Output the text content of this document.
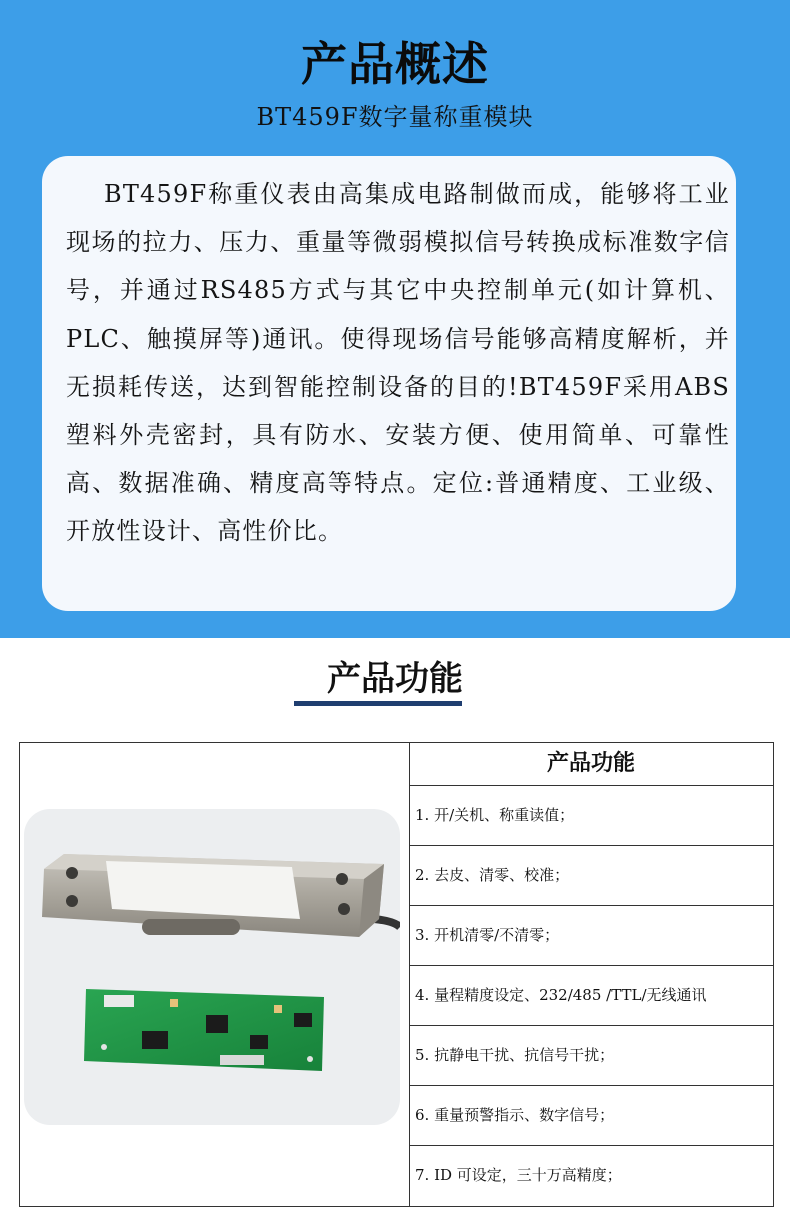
产品概述
BT459F数字量称重模块
BT459F称重仪表由高集成电路制做而成，能够将工业现场的拉力、压力、重量等微弱模拟信号转换成标准数字信号，并通过RS485方式与其它中央控制单元(如计算机、PLC、触摸屏等)通讯。使得现场信号能够高精度解析，并无损耗传送，达到智能控制设备的目的!BT459F采用ABS塑料外壳密封，具有防水、安装方便、使用简单、可靠性高、数据准确、精度高等特点。定位:普通精度、工业级、开放性设计、高性价比。
产品功能
产品功能
1. 开/关机、称重读值；
2. 去皮、清零、校准；
3. 开机清零/不清零；
4. 量程精度设定、232/485 /TTL/无线通讯
5. 抗静电干扰、抗信号干扰；
6. 重量预警指示、数字信号；
7. ID 可设定，三十万高精度；
